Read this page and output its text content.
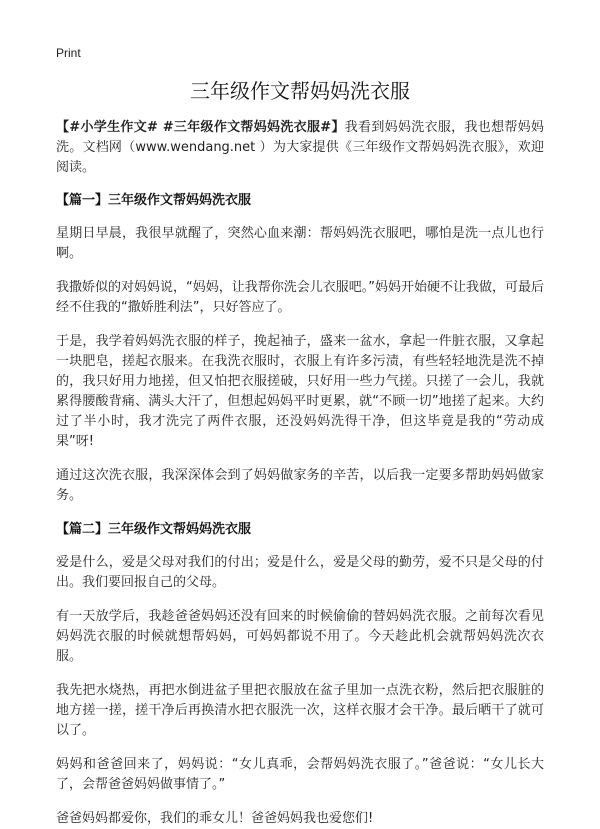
Print
三年级作文帮妈妈洗衣服

【#小学生作文# #三年级作文帮妈妈洗衣服#】我看到妈妈洗衣服，我也想帮妈妈洗。文档网（www.wendang.net ）为大家提供《三年级作文帮妈妈洗衣服》，欢迎阅读。

【篇一】三年级作文帮妈妈洗衣服

星期日早晨，我很早就醒了，突然心血来潮：帮妈妈洗衣服吧，哪怕是洗一点儿也行啊。

我撒娇似的对妈妈说，“妈妈，让我帮你洗会儿衣服吧。”妈妈开始硬不让我做，可最后经不住我的“撒娇胜利法”，只好答应了。

于是，我学着妈妈洗衣服的样子，挽起袖子，盛来一盆水，拿起一件脏衣服，又拿起一块肥皂，搓起衣服来。在我洗衣服时，衣服上有许多污渍，有些轻轻地洗是洗不掉的，我只好用力地搓，但又怕把衣服搓破，只好用一些力气搓。只搓了一会儿，我就累得腰酸背痛、满头大汗了，但想起妈妈平时更累，就“不顾一切”地搓了起来。大约过了半小时，我才洗完了两件衣服，还没妈妈洗得干净，但这毕竟是我的“劳动成果”呀!

通过这次洗衣服，我深深体会到了妈妈做家务的辛苦，以后我一定要多帮助妈妈做家务。

【篇二】三年级作文帮妈妈洗衣服

爱是什么，爱是父母对我们的付出；爱是什么，爱是父母的勤劳，爱不只是父母的付出。我们要回报自己的父母。

有一天放学后，我趁爸爸妈妈还没有回来的时候偷偷的替妈妈洗衣服。之前每次看见妈妈洗衣服的时候就想帮妈妈，可妈妈都说不用了。今天趁此机会就帮妈妈洗次衣服。

我先把水烧热，再把水倒进盆子里把衣服放在盆子里加一点洗衣粉，然后把衣服脏的地方搓一搓，搓干净后再换清水把衣服洗一次，这样衣服才会干净。最后晒干了就可以了。

妈妈和爸爸回来了，妈妈说：“女儿真乖，会帮妈妈洗衣服了。”爸爸说：“女儿长大了，会帮爸爸妈妈做事情了。”

爸爸妈妈都爱你，我们的乖女儿！爸爸妈妈我也爱您们!
